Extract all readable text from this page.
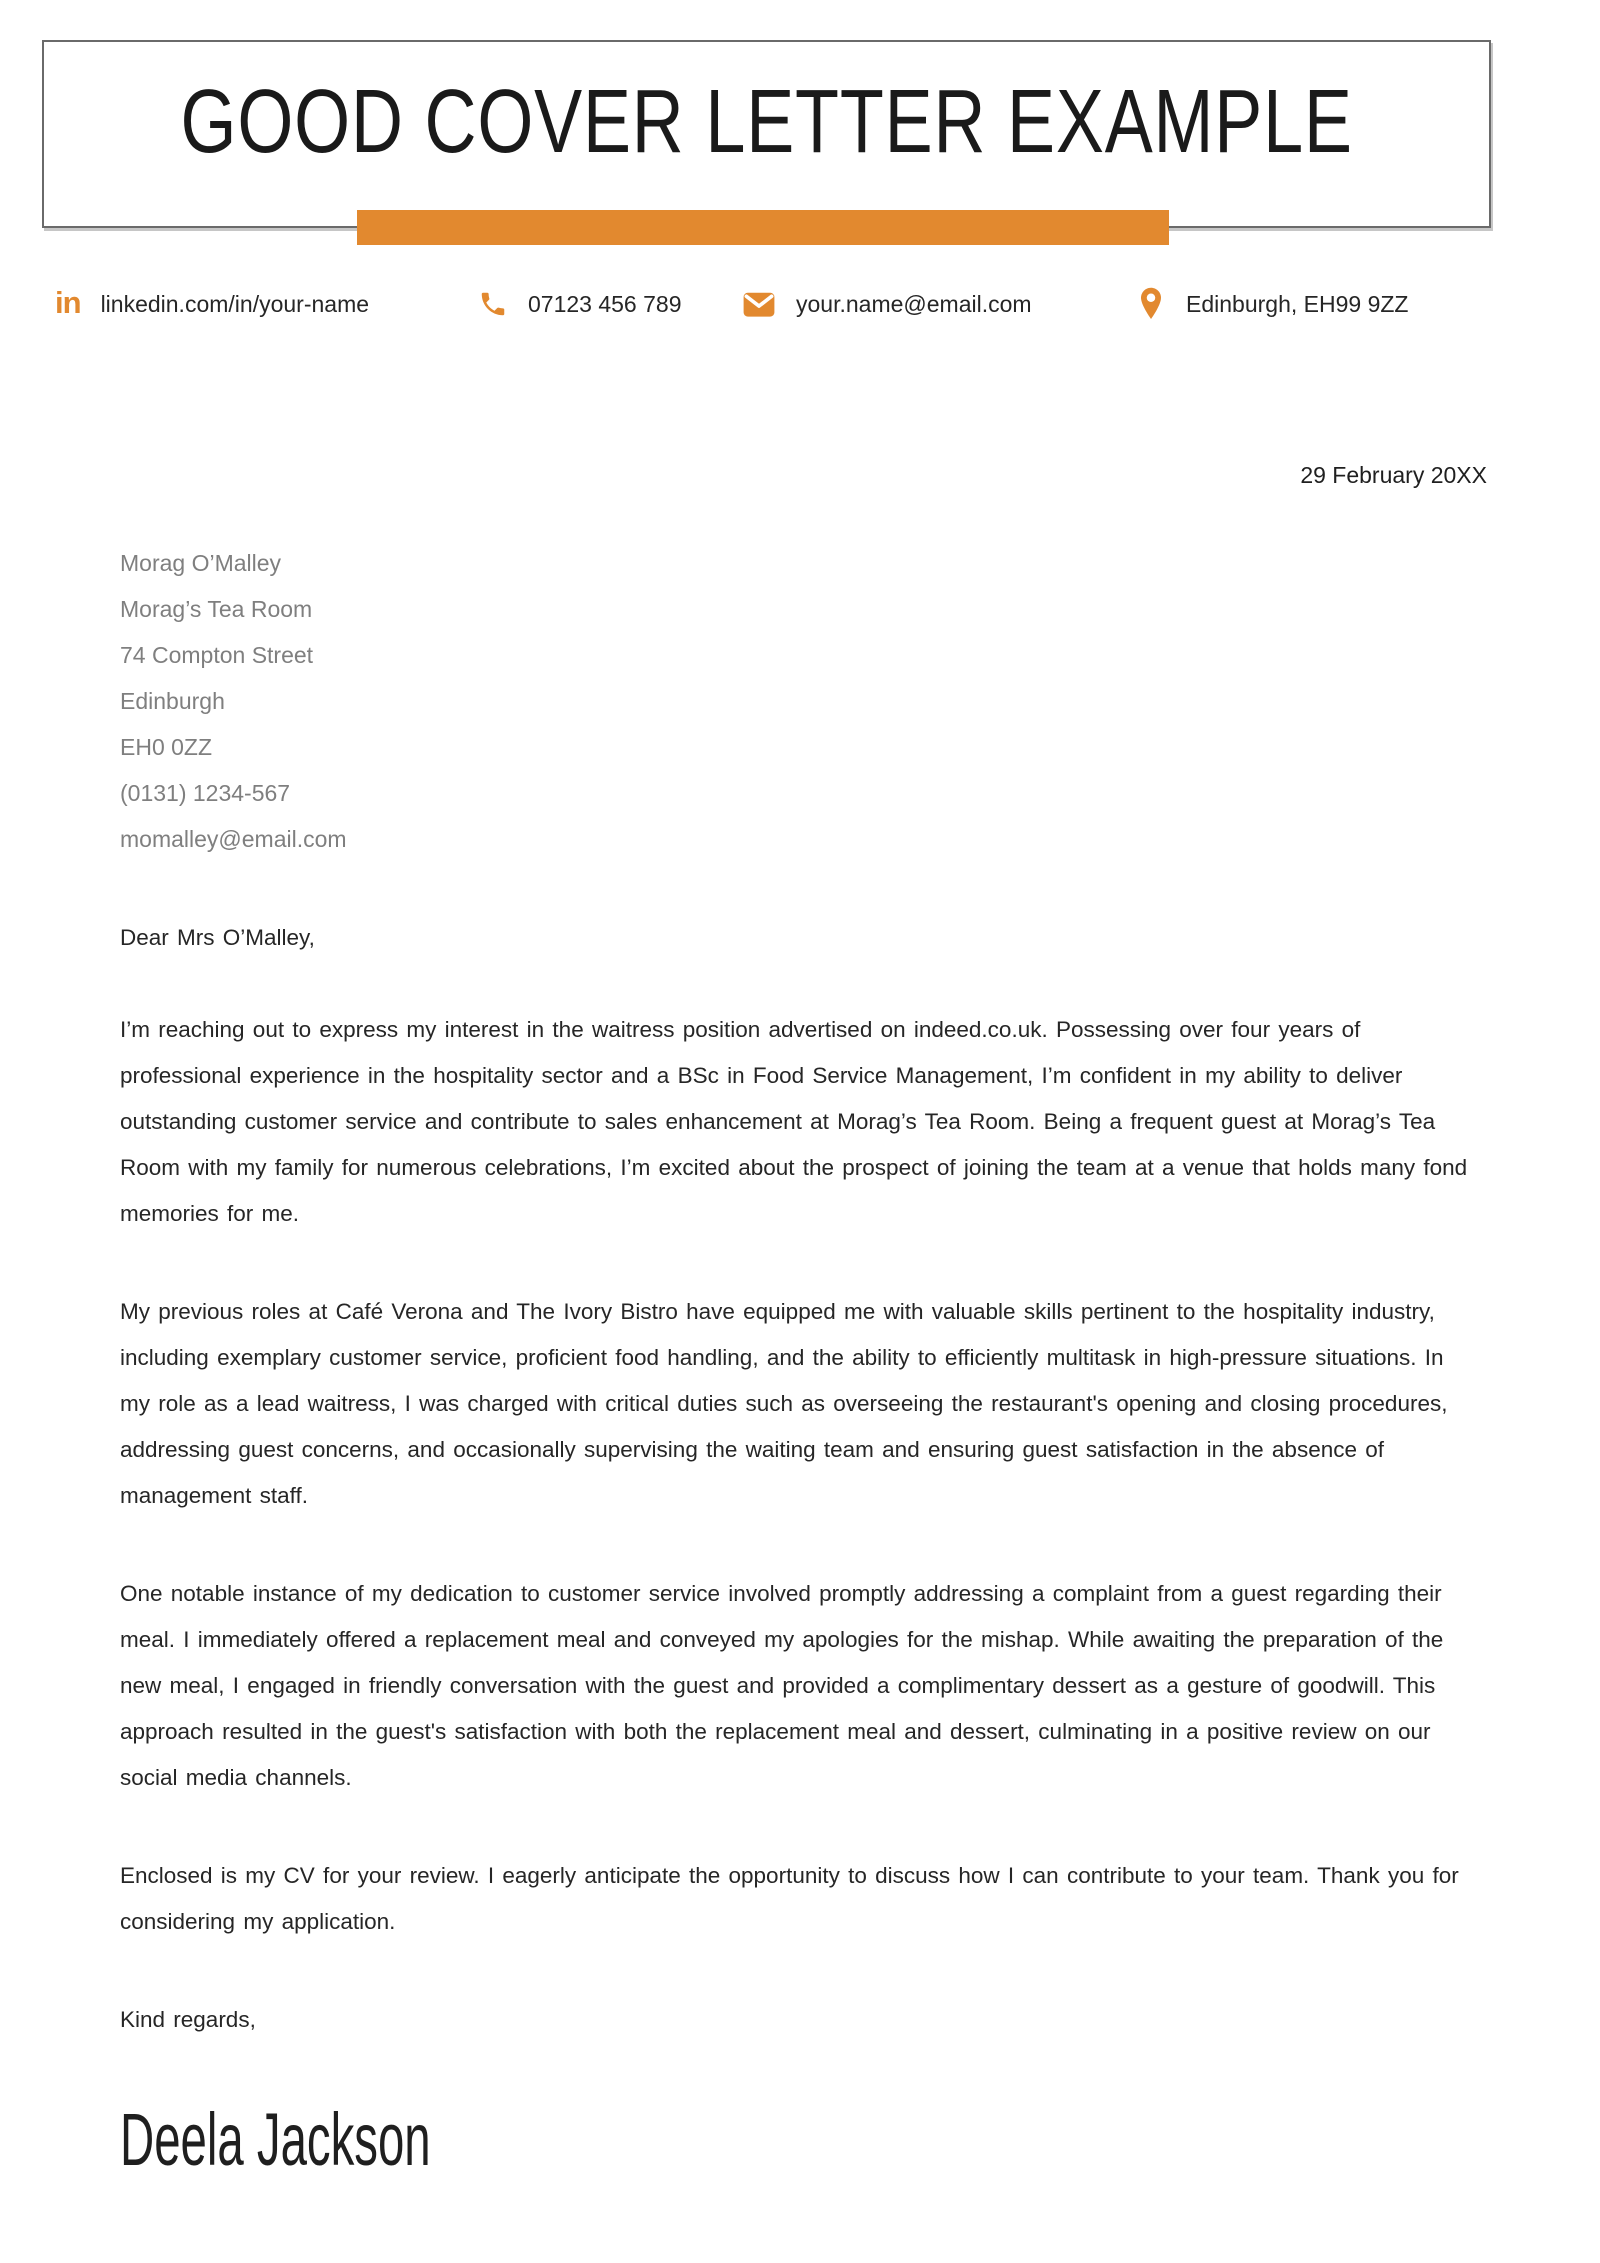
GOOD COVER LETTER EXAMPLE
in linkedin.com/in/your-name	07123 456 789	your.name@email.com	Edinburgh, EH99 9ZZ
29 February 20XX
Morag O’Malley
Morag’s Tea Room
74 Compton Street
Edinburgh
EH0 0ZZ
(0131) 1234-567
momalley@email.com

Dear Mrs O’Malley,

I’m reaching out to express my interest in the waitress position advertised on indeed.co.uk. Possessing over four years of professional experience in the hospitality sector and a BSc in Food Service Management, I’m confident in my ability to deliver outstanding customer service and contribute to sales enhancement at Morag’s Tea Room. Being a frequent guest at Morag’s Tea Room with my family for numerous celebrations, I’m excited about the prospect of joining the team at a venue that holds many fond memories for me.

My previous roles at Café Verona and The Ivory Bistro have equipped me with valuable skills pertinent to the hospitality industry, including exemplary customer service, proficient food handling, and the ability to efficiently multitask in high-pressure situations. In my role as a lead waitress, I was charged with critical duties such as overseeing the restaurant's opening and closing procedures, addressing guest concerns, and occasionally supervising the waiting team and ensuring guest satisfaction in the absence of management staff.

One notable instance of my dedication to customer service involved promptly addressing a complaint from a guest regarding their meal. I immediately offered a replacement meal and conveyed my apologies for the mishap. While awaiting the preparation of the new meal, I engaged in friendly conversation with the guest and provided a complimentary dessert as a gesture of goodwill. This approach resulted in the guest's satisfaction with both the replacement meal and dessert, culminating in a positive review on our social media channels.

Enclosed is my CV for your review. I eagerly anticipate the opportunity to discuss how I can contribute to your team. Thank you for considering my application.

Kind regards,

Deela Jackson
